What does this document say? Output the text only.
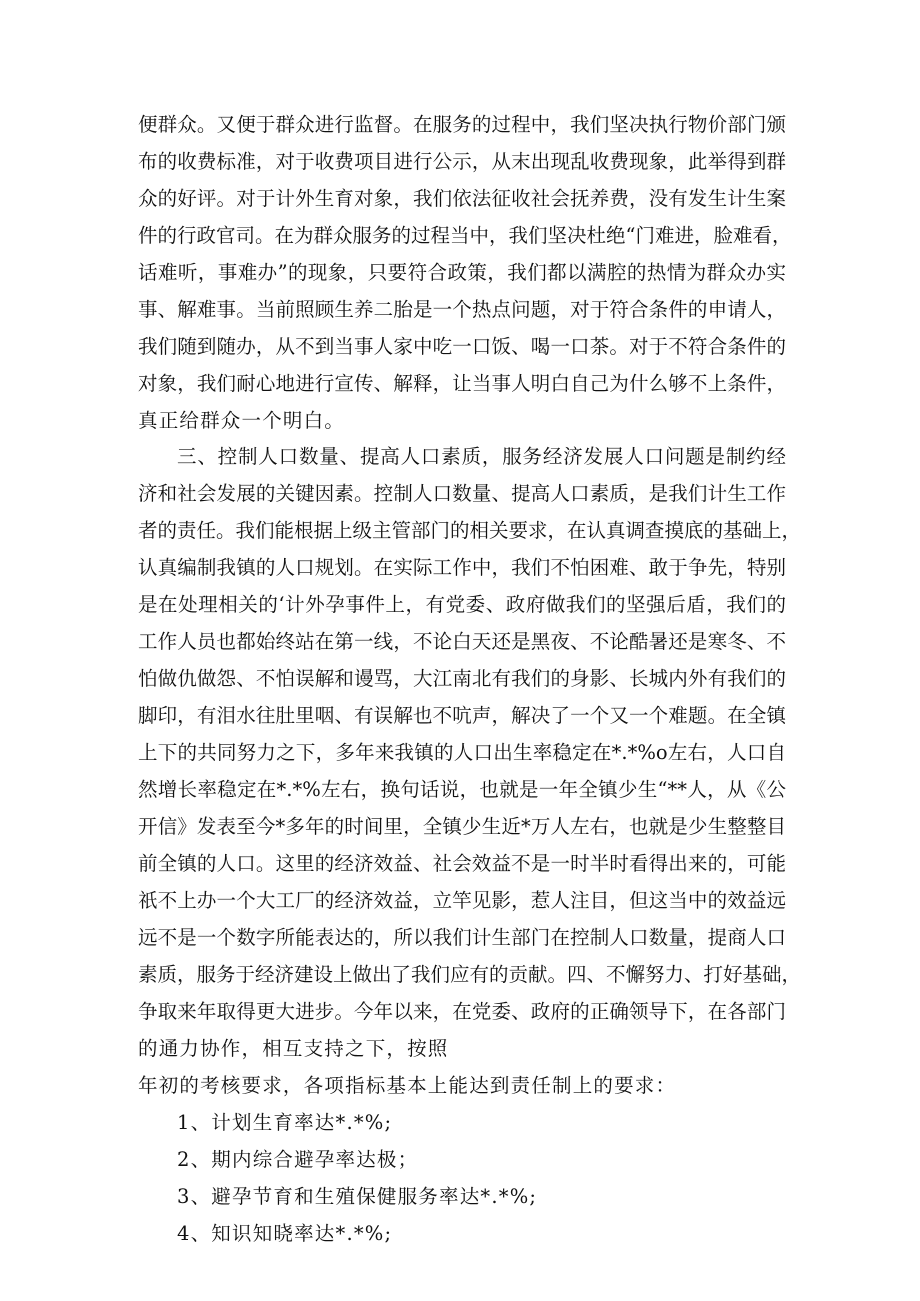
便群众。又便于群众进行监督。在服务的过程中，我们坚决执行物价部门颁
布的收费标准，对于收费项目进行公示，从末出现乱收费现象，此举得到群
众的好评。对于计外生育对象，我们依法征收社会抚养费，没有发生计生案
件的行政官司。在为群众服务的过程当中，我们坚决杜绝“门难进，脸难看，
话难听，事难办”的现象，只要符合政策，我们都以满腔的热情为群众办实
事、解难事。当前照顾生养二胎是一个热点问题，对于符合条件的申请人，
我们随到随办，从不到当事人家中吃一口饭、喝一口茶。对于不符合条件的
对象，我们耐心地进行宣传、解释，让当事人明白自己为什么够不上条件，
真正给群众一个明白。
三、控制人口数量、提高人口素质，服务经济发展人口问题是制约经
济和社会发展的关键因素。控制人口数量、提高人口素质，是我们计生工作
者的责任。我们能根据上级主管部门的相关要求，在认真调查摸底的基础上，
认真编制我镇的人口规划。在实际工作中，我们不怕困难、敢于争先，特别
是在处理相关的‘计外孕事件上，有党委、政府做我们的坚强后盾，我们的
工作人员也都始终站在第一线，不论白天还是黑夜、不论酷暑还是寒冬、不
怕做仇做怨、不怕误解和谩骂，大江南北有我们的身影、长城内外有我们的
脚印，有泪水往肚里咽、有误解也不吭声，解决了一个又一个难题。在全镇
上下的共同努力之下，多年来我镇的人口出生率稳定在*.*%o左右，人口自
然增长率稳定在*.*%左右，换句话说，也就是一年全镇少生“**人，从《公
开信》发表至今*多年的时间里，全镇少生近*万人左右，也就是少生整整目
前全镇的人口。这里的经济效益、社会效益不是一时半时看得出来的，可能
祇不上办一个大工厂的经济效益，立竿见影，惹人注目，但这当中的效益远
远不是一个数字所能表达的，所以我们计生部门在控制人口数量，提商人口
素质，服务于经济建设上做出了我们应有的贡献。四、不懈努力、打好基础，
争取来年取得更大进步。今年以来，在党委、政府的正确领导下，在各部门
的通力协作，相互支持之下，按照
年初的考核要求，各项指标基本上能达到责任制上的要求：
1、计划生育率达*.*%;
2、期内综合避孕率达极；
3、避孕节育和生殖保健服务率达*.*%;
4、知识知晓率达*.*%;
